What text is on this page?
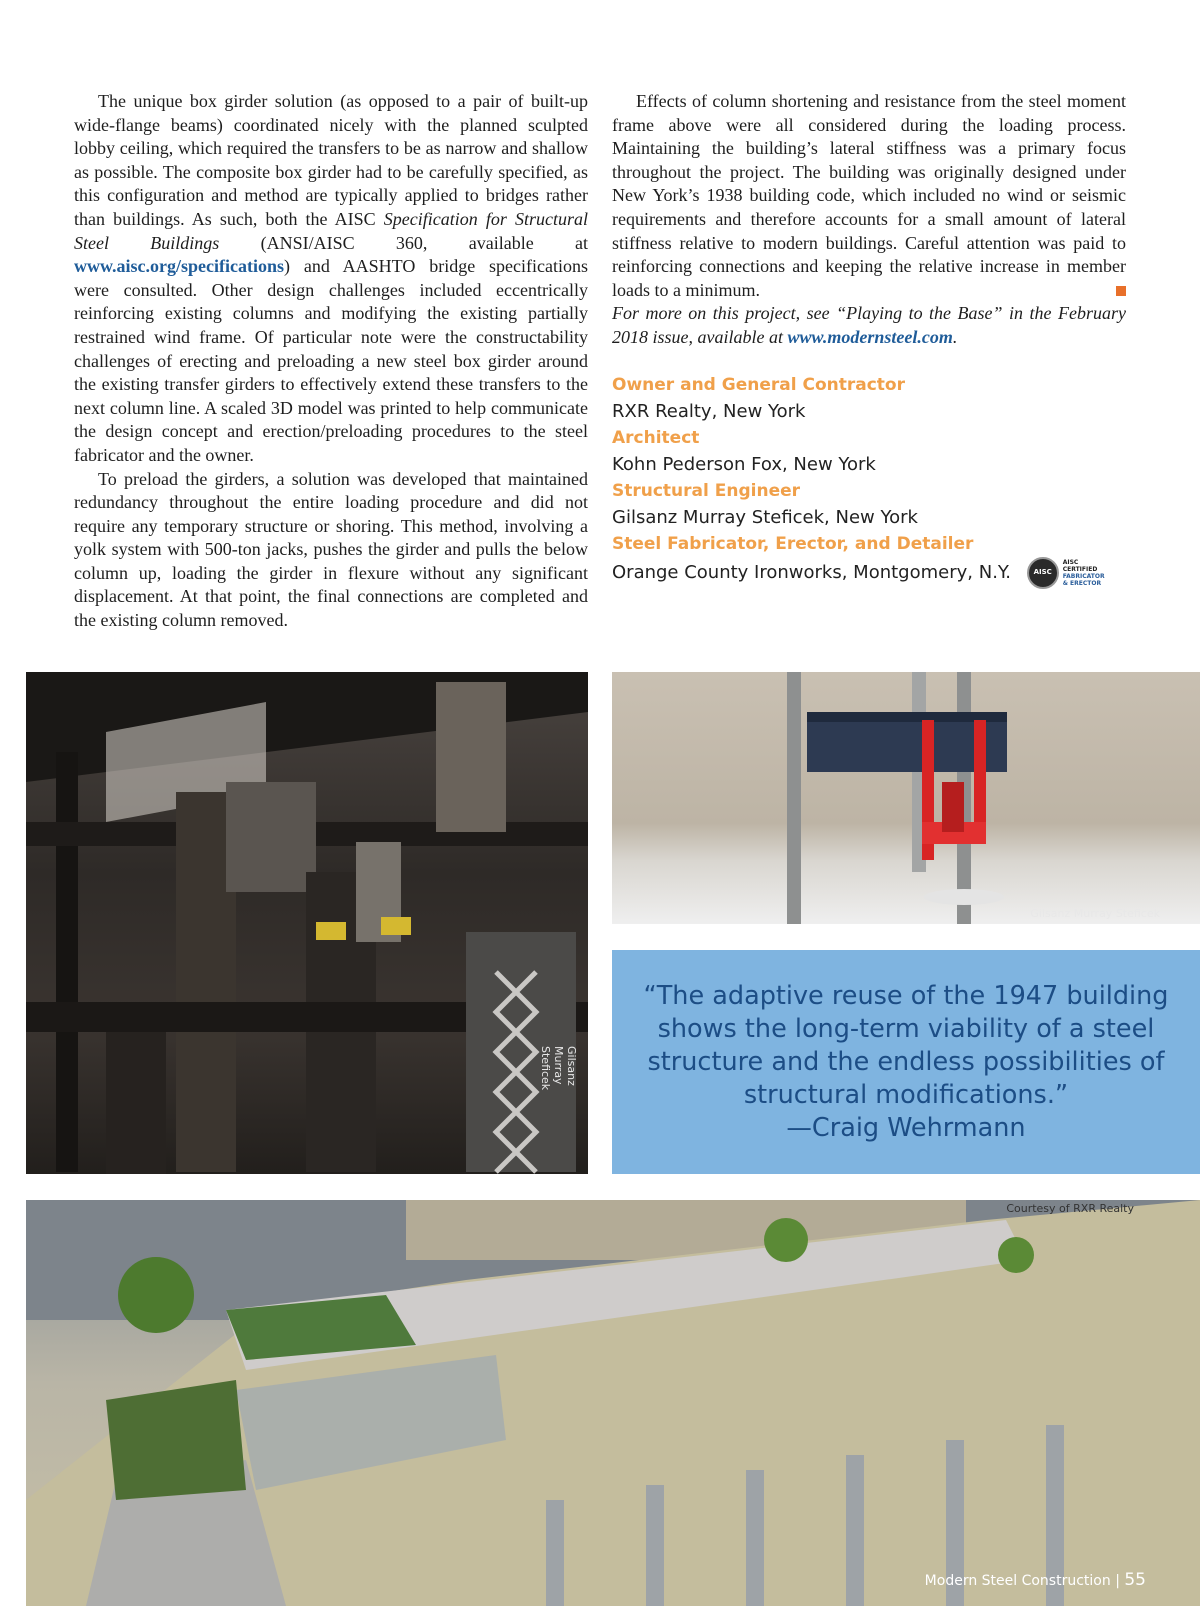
The unique box girder solution (as opposed to a pair of built-up wide-flange beams) coordinated nicely with the planned sculpted lobby ceiling, which required the transfers to be as narrow and shallow as possible. The composite box girder had to be carefully specified, as this configuration and method are typically applied to bridges rather than buildings. As such, both the AISC Specification for Structural Steel Buildings (ANSI/AISC 360, available at www.aisc.org/specifications) and AASHTO bridge specifications were consulted. Other design challenges included eccentrically reinforcing existing columns and modifying the existing partially restrained wind frame. Of particular note were the constructability challenges of erecting and preloading a new steel box girder around the existing transfer girders to effectively extend these transfers to the next column line. A scaled 3D model was printed to help communicate the design concept and erection/preloading procedures to the steel fabricator and the owner.

To preload the girders, a solution was developed that maintained redundancy throughout the entire loading procedure and did not require any temporary structure or shoring. This method, involving a yolk system with 500-ton jacks, pushes the girder and pulls the below column up, loading the girder in flexure without any significant displacement. At that point, the final connections are completed and the existing column removed.

Effects of column shortening and resistance from the steel moment frame above were all considered during the loading process. Maintaining the building’s lateral stiffness was a primary focus throughout the project. The building was originally designed under New York’s 1938 building code, which included no wind or seismic requirements and therefore accounts for a small amount of lateral stiffness relative to modern buildings. Careful attention was paid to reinforcing connections and keeping the relative increase in member loads to a minimum.

For more on this project, see “Playing to the Base” in the February 2018 issue, available at www.modernsteel.com.

Owner and General Contractor
RXR Realty, New York
Architect
Kohn Pederson Fox, New York
Structural Engineer
Gilsanz Murray Steficek, New York
Steel Fabricator, Erector, and Detailer
Orange County Ironworks, Montgomery, N.Y.	AISC
AISC
CERTIFIED
FABRICATOR
& ERECTOR
Gilsanz Murray Steficek
Gilsanz Murray Steficek
“The adaptive reuse of the 1947 building shows the long-term viability of a steel structure and the endless possibilities of structural modifications.”
—Craig Wehrmann
Courtesy of RXR Realty
Modern Steel Construction | 55
